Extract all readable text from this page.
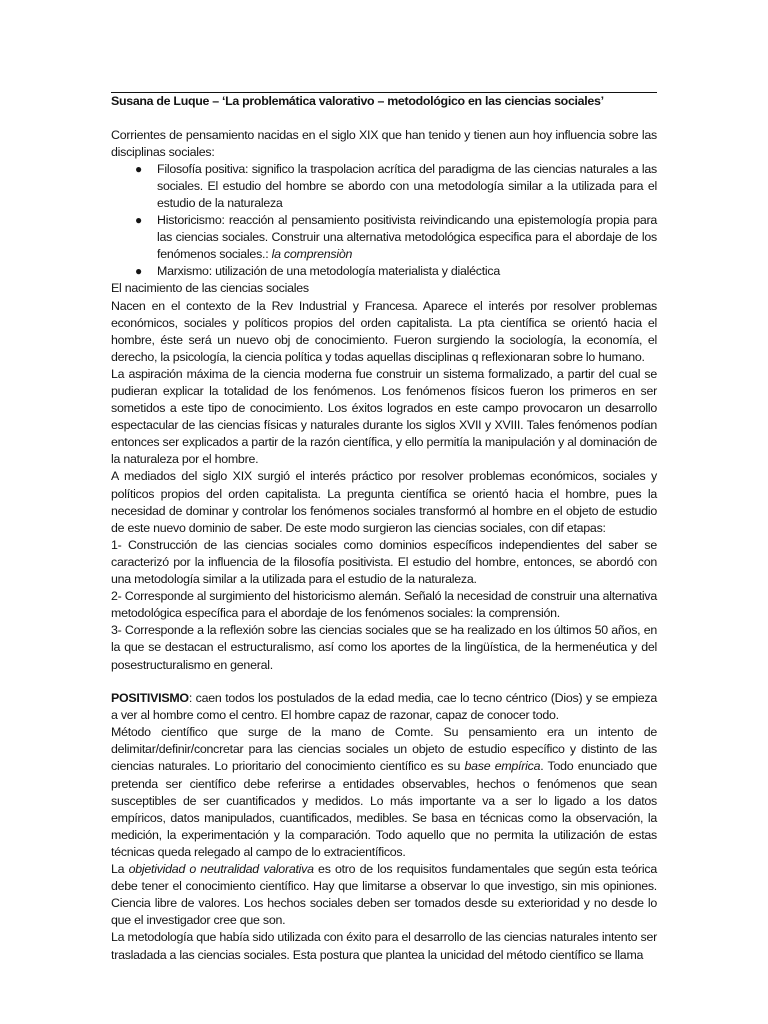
Susana de Luque – ‘La problemática valorativo – metodológico en las ciencias sociales’

Corrientes de pensamiento nacidas en el siglo XIX que han tenido y tienen aun hoy influencia sobre las disciplinas sociales:

● Filosofía positiva: significo la traspolacion acrítica del paradigma de las ciencias naturales a las sociales. El estudio del hombre se abordo con una metodología similar a la utilizada para el estudio de la naturaleza
● Historicismo: reacción al pensamiento positivista reivindicando una epistemología propia para las ciencias sociales. Construir una alternativa metodológica especifica para el abordaje de los fenómenos sociales.: la comprensiòn
● Marxismo: utilización de una metodología materialista y dialéctica

El nacimiento de las ciencias sociales

Nacen en el contexto de la Rev Industrial y Francesa. Aparece el interés por resolver problemas económicos, sociales y políticos propios del orden capitalista. La pta científica se orientó hacia el hombre, éste será un nuevo obj de conocimiento. Fueron surgiendo la sociología, la economía, el derecho, la psicología, la ciencia política y todas aquellas disciplinas q reflexionaran sobre lo humano.

La aspiración máxima de la ciencia moderna fue construir un sistema formalizado, a partir del cual se pudieran explicar la totalidad de los fenómenos. Los fenómenos físicos fueron los primeros en ser sometidos a este tipo de conocimiento. Los éxitos logrados en este campo provocaron un desarrollo espectacular de las ciencias físicas y naturales durante los siglos XVII y XVIII. Tales fenómenos podían entonces ser explicados a partir de la razón científica, y ello permitía la manipulación y al dominación de la naturaleza por el hombre.

A mediados del siglo XIX surgió el interés práctico por resolver problemas económicos, sociales y políticos propios del orden capitalista. La pregunta científica se orientó hacia el hombre, pues la necesidad de dominar y controlar los fenómenos sociales transformó al hombre en el objeto de estudio de este nuevo dominio de saber. De este modo surgieron las ciencias sociales, con dif etapas:

1- Construcción de las ciencias sociales como dominios específicos independientes del saber se caracterizó por la influencia de la filosofía positivista. El estudio del hombre, entonces, se abordó con una metodología similar a la utilizada para el estudio de la naturaleza.

2- Corresponde al surgimiento del historicismo alemán. Señaló la necesidad de construir una alternativa metodológica específica para el abordaje de los fenómenos sociales: la comprensión.

3- Corresponde a la reflexión sobre las ciencias sociales que se ha realizado en los últimos 50 años, en la que se destacan el estructuralismo, así como los aportes de la lingüística, de la hermenéutica y del posestructuralismo en general.

POSITIVISMO: caen todos los postulados de la edad media, cae lo tecno céntrico (Dios) y se empieza a ver al hombre como el centro. El hombre capaz de razonar, capaz de conocer todo.

Método científico que surge de la mano de Comte. Su pensamiento era un intento de delimitar/definir/concretar para las ciencias sociales un objeto de estudio específico y distinto de las ciencias naturales. Lo prioritario del conocimiento científico es su base empírica. Todo enunciado que pretenda ser científico debe referirse a entidades observables, hechos o fenómenos que sean susceptibles de ser cuantificados y medidos. Lo más importante va a ser lo ligado a los datos empíricos, datos manipulados, cuantificados, medibles. Se basa en técnicas como la observación, la medición, la experimentación y la comparación. Todo aquello que no permita la utilización de estas técnicas queda relegado al campo de lo extracientíficos.

La objetividad o neutralidad valorativa es otro de los requisitos fundamentales que según esta teórica debe tener el conocimiento científico. Hay que limitarse a observar lo que investigo, sin mis opiniones. Ciencia libre de valores. Los hechos sociales deben ser tomados desde su exterioridad y no desde lo que el investigador cree que son.

La metodología que había sido utilizada con éxito para el desarrollo de las ciencias naturales intento ser trasladada a las ciencias sociales. Esta postura que plantea la unicidad del método científico se llama
